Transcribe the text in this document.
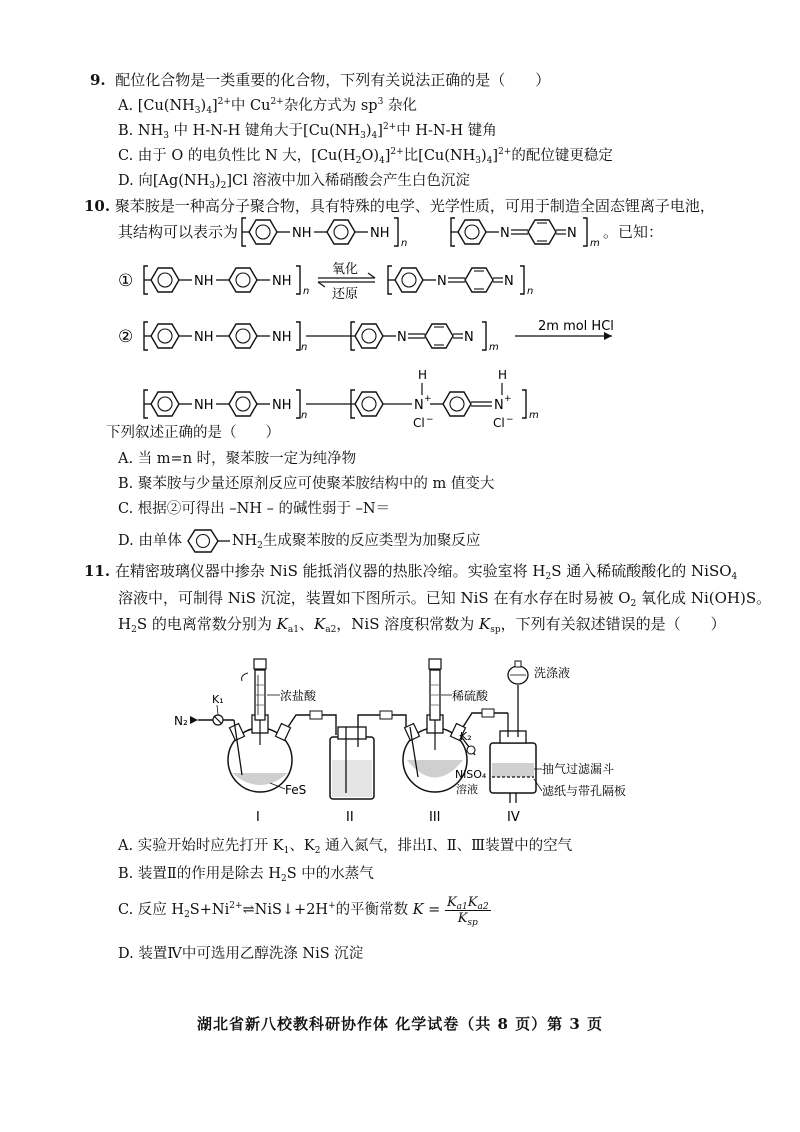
9. 配位化合物是一类重要的化合物，下列有关说法正确的是（　　）
A. $[Cu(NH_3)_4]^{2+}$中 $Cu^{2+}$杂化方式为 $sp^3$ 杂化
B. $NH_3$ 中 H-N-H 键角大于$[Cu(NH_3)_4]^{2+}$中 H-N-H 键角
C. 由于 O 的电负性比 N 大，$[Cu(H_2O)_4]^{2+}$比$[Cu(NH_3)_4]^{2+}$的配位键更稳定
D. 向$[Ag(NH_3)_2]Cl$ 溶液中加入稀硝酸会产生白色沉淀
10. 聚苯胺是一种高分子聚合物，具有特殊的电学、光学性质，可用于制造全固态锂离子电池，
其结构可以表示为	NH	NH
n
N	N
m
①	NH	NH
n
氧化
还原
N	N
n
②	NH	NH
n
N	N
m
2m mol HCl
NH	NH
n
H
N +
Cl −
H
N +
Cl − m
。已知：
下列叙述正确的是（　　）
A. 当 m=n 时，聚苯胺一定为纯净物
B. 聚苯胺与少量还原剂反应可使聚苯胺结构中的 m 值变大
C. 根据②可得出 –NH – 的碱性弱于 –N＝
D. 由单体	$NH_2$生成聚苯胺的反应类型为加聚反应
11. 在精密玻璃仪器中掺杂 NiS 能抵消仪器的热胀冷缩。实验室将 $H_2S$ 通入稀硫酸酸化的 NiSO$_4$
溶液中，可制得 NiS 沉淀，装置如下图所示。已知 NiS 在有水存在时易被 $O_2$ 氧化成 Ni(OH)S。
$H_2S$ 的电离常数分别为 $K_{a1}$、$K_{a2}$，NiS 溶度积常数为 $K_{sp}$，下列有关叙述错误的是（　　）
K₁
N₂
浓盐酸
FeS
I	II
稀硫酸
K₂
NiSO₄
溶液
III
洗涤液
抽气过滤漏斗
滤纸与带孔隔板
IV
A. 实验开始时应先打开 $K_1$、$K_2$ 通入氮气，排出Ⅰ、Ⅱ、Ⅲ装置中的空气
B. 装置Ⅱ的作用是除去 $H_2S$ 中的水蒸气
C. 反应 $H_2S+Ni^{2+}\rightleftharpoons NiS↓+2H^+$的平衡常数 $K = \frac{K_{a1}K_{a2}}{K_{sp}}$
D. 装置Ⅳ中可选用乙醇洗涤 NiS 沉淀
湖北省新八校教科研协作体 化学试卷（共 8 页）第 3 页
